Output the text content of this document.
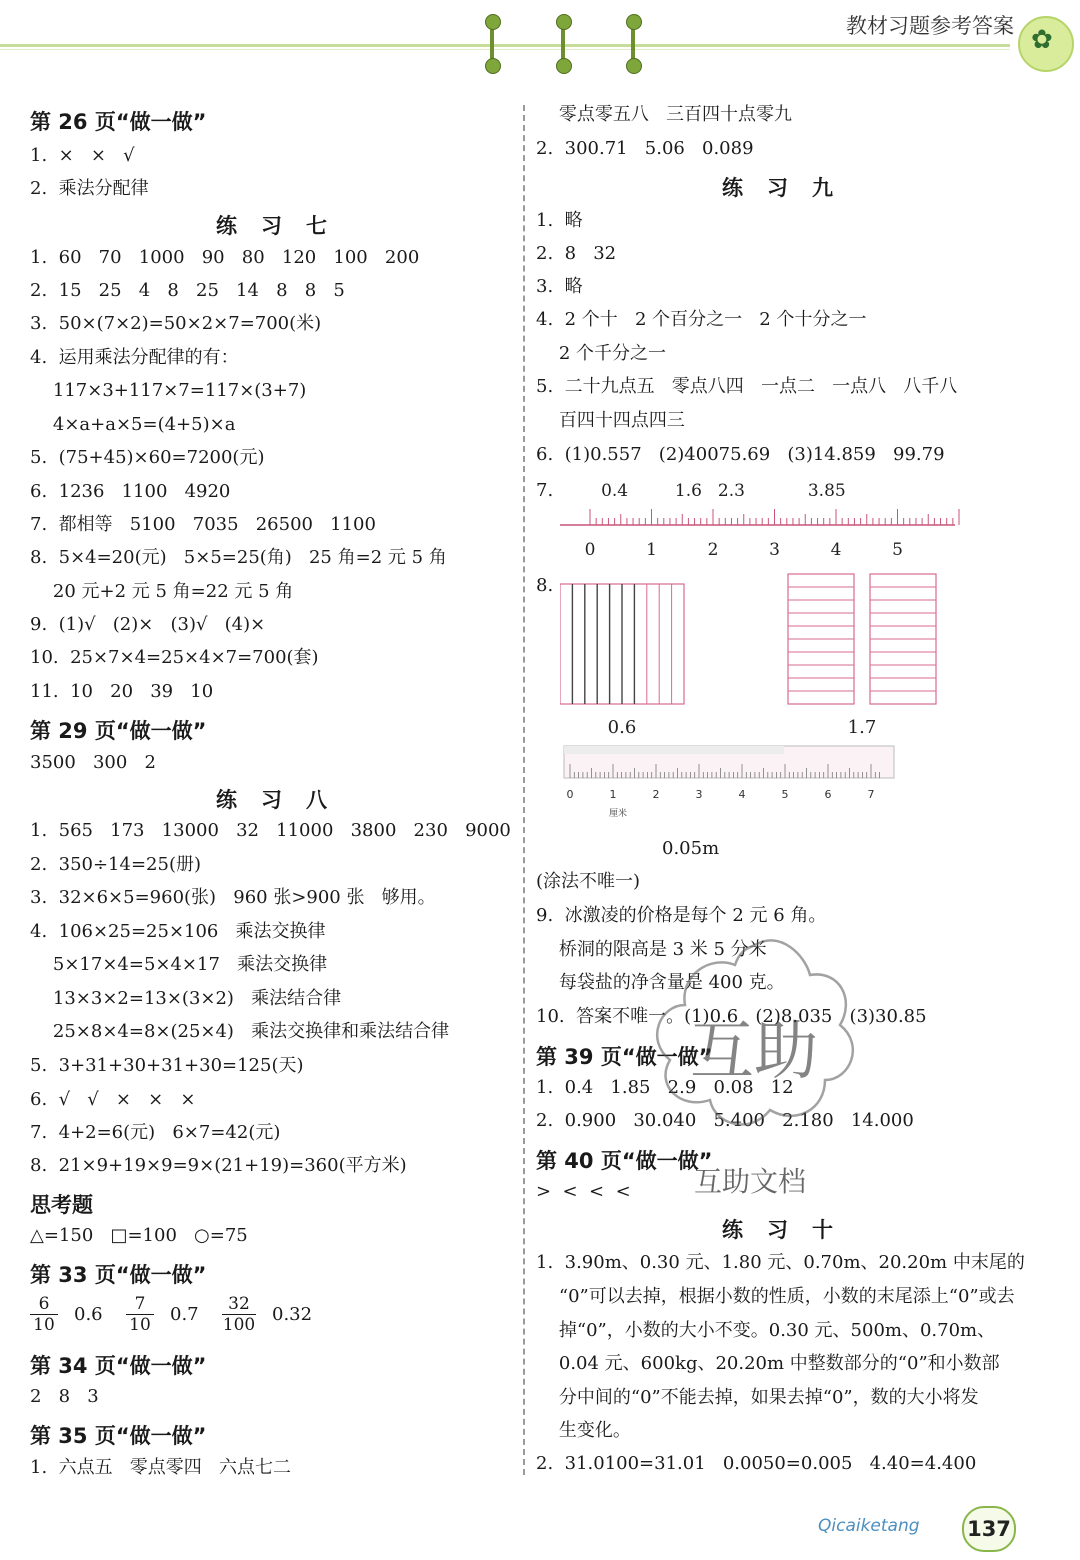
教材习题参考答案 ✿
第 26 页“做一做”
1.  ×   ×   √
2.  乘法分配律
练习七
1.  60   70   1000   90   80   120   100   200
2.  15   25   4   8   25   14   8   8   5
3.  50×(7×2)=50×2×7=700(米)
4.  运用乘法分配律的有：
117×3+117×7=117×(3+7)
4×a+a×5=(4+5)×a
5.  (75+45)×60=7200(元)
6.  1236   1100   4920
7.  都相等   5100   7035   26500   1100
8.  5×4=20(元)   5×5=25(角)   25 角=2 元 5 角
20 元+2 元 5 角=22 元 5 角
9.  (1)√   (2)×   (3)√   (4)×
10.  25×7×4=25×4×7=700(套)
11.  10   20   39   10
第 29 页“做一做”
3500   300   2
练习八
1.  565   173   13000   32   11000   3800   230   9000
2.  350÷14=25(册)
3.  32×6×5=960(张)   960 张>900 张   够用。
4.  106×25=25×106   乘法交换律
5×17×4=5×4×17   乘法交换律
13×3×2=13×(3×2)   乘法结合律
25×8×4=8×(25×4)   乘法交换律和乘法结合律
5.  3+31+30+31+30=125(天)
6.  √   √   ×   ×   ×
7.  4+2=6(元)   6×7=42(元)
8.  21×9+19×9=9×(21+19)=360(平方米)
思考题
△=150   □=100   ○=75
第 33 页“做一做”
第 34 页“做一做”
2   8   3
第 35 页“做一做”
1.  六点五   零点零四   六点七二
$\frac{6}{10} 0.6 \frac{7}{10} 0.7 \frac{32}{100} 0.32$
零点零五八   三百四十点零九
2.  300.71   5.06   0.089
练习九
1.  略
2.  8   32
3.  略
4.  2 个十   2 个百分之一   2 个十分之一
2 个千分之一
5.  二十九点五   零点八四   一点二   一点八   八千八
百四十四点四三
6.  (1)0.557   (2)40075.69   (3)14.859   99.79
7.
8.
(涂法不唯一)
9.  冰激凌的价格是每个 2 元 6 角。
桥洞的限高是 3 米 5 分米
每袋盐的净含量是 400 克。
10.  答案不唯一。(1)0.6   (2)8.035   (3)30.85
第 39 页“做一做”
1.  0.4   1.85   2.9   0.08   12
2.  0.900   30.040   5.400   2.180   14.000
第 40 页“做一做”
>  <  <  <
练习十
1.  3.90m、0.30 元、1.80 元、0.70m、20.20m 中末尾的
“0”可以去掉，根据小数的性质，小数的末尾添上“0”或去
掉“0”，小数的大小不变。0.30 元、500m、0.70m、
0.04 元、600kg、20.20m 中整数部分的“0”和小数部
分中间的“0”不能去掉，如果去掉“0”，数的大小将发
生变化。
2.  31.0100=31.01   0.0050=0.005   4.40=4.400
0	1	2	3	4	5
0.4	1.6 2.3	3.85
0.6	1.7
0	1	2	3	4	5	6	7
厘米
0.05m
互助
互助文档
Qicaiketang 137
